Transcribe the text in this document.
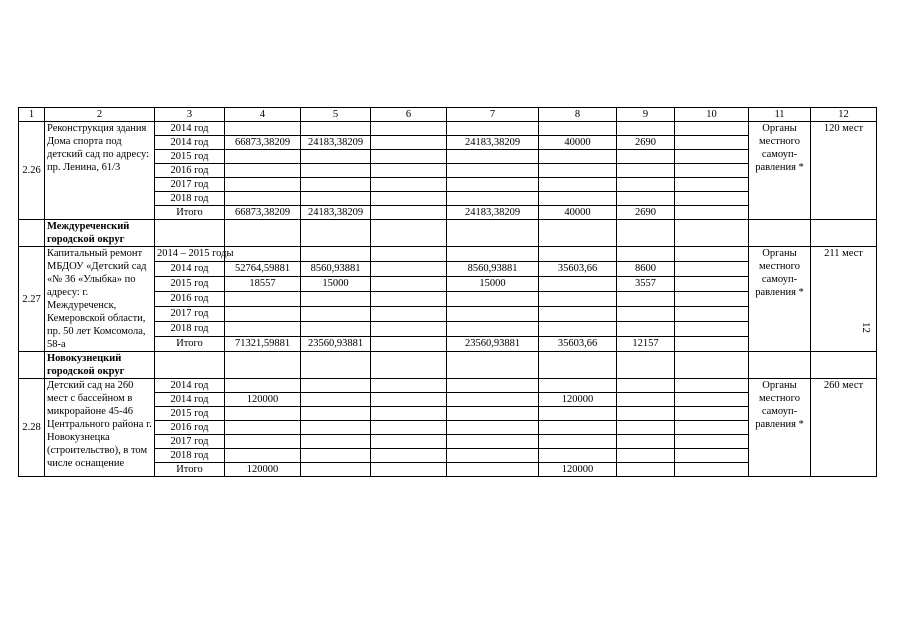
1	2	3	4	5	6	7	8	9	10	11	12
2.26	Реконструкция здания Дома спорта под детский сад по адресу: пр. Ленина, 61/3	2014 год								Органы местного самоуп-равления *	120 мест
		2014 год	66873,38209	24183,38209		24183,38209	40000	2690			
		2015 год									
		2016 год									
		2017 год									
		2018 год									
		Итого	66873,38209	24183,38209		24183,38209	40000	2690			
	Междуреченский городской округ										
2.27	Капитальный ремонт МБДОУ «Детский сад «№ 36 «Улыбка» по адресу: г. Междуреченск, Кемеровской области, пр. 50 лет Комсомола, 58-а	2014 – 2015 годы								Органы местного самоуп-равления *	211 мест
		2014 год	52764,59881	8560,93881		8560,93881	35603,66	8600			
		2015 год	18557	15000		15000		3557			
		2016 год									
		2017 год									
		2018 год									
		Итого	71321,59881	23560,93881		23560,93881	35603,66	12157			
	Новокузнецкий городской округ										
2.28	Детский сад на 260 мест с бассейном в микрорайоне 45-46 Центрального района г. Новокузнецка (строительство), в том числе оснащение	2014 год								Органы местного самоуп-равления *	260 мест
		2014 год	120000				120000				
		2015 год									
		2016 год									
		2017 год									
		2018 год									
		Итого	120000				120000				
12
